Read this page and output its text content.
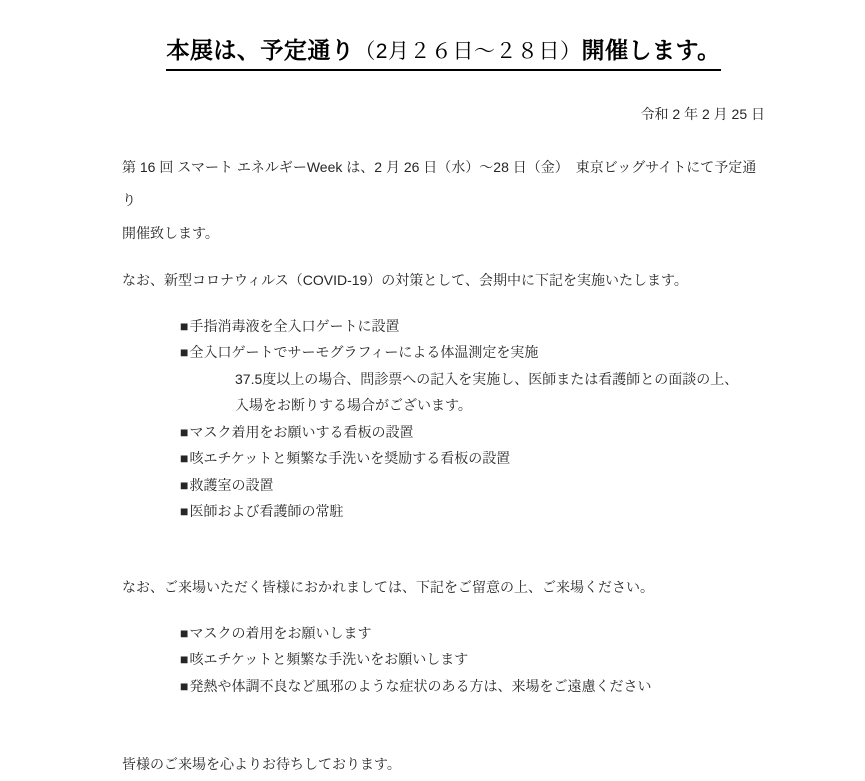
本展は、予定通り（2月２６日～２８日）開催します。
令和 2 年 2 月 25 日

第 16 回 スマート エネルギーWeek は、2 月 26 日（水）～28 日（金）　東京ビッグサイトにて予定通り
開催致します。

なお、新型コロナウィルス（COVID-19）の対策として、会期中に下記を実施いたします。

■手指消毒液を全入口ゲートに設置
■全入口ゲートでサーモグラフィーによる体温測定を実施
37.5度以上の場合、問診票への記入を実施し、医師または看護師との面談の上、
入場をお断りする場合がございます。
■マスク着用をお願いする看板の設置
■咳エチケットと頻繁な手洗いを奨励する看板の設置
■救護室の設置
■医師および看護師の常駐

なお、ご来場いただく皆様におかれましては、下記をご留意の上、ご来場ください。

■マスクの着用をお願いします
■咳エチケットと頻繁な手洗いをお願いします
■発熱や体調不良など風邪のような症状のある方は、来場をご遠慮ください

皆様のご来場を心よりお待ちしております。
